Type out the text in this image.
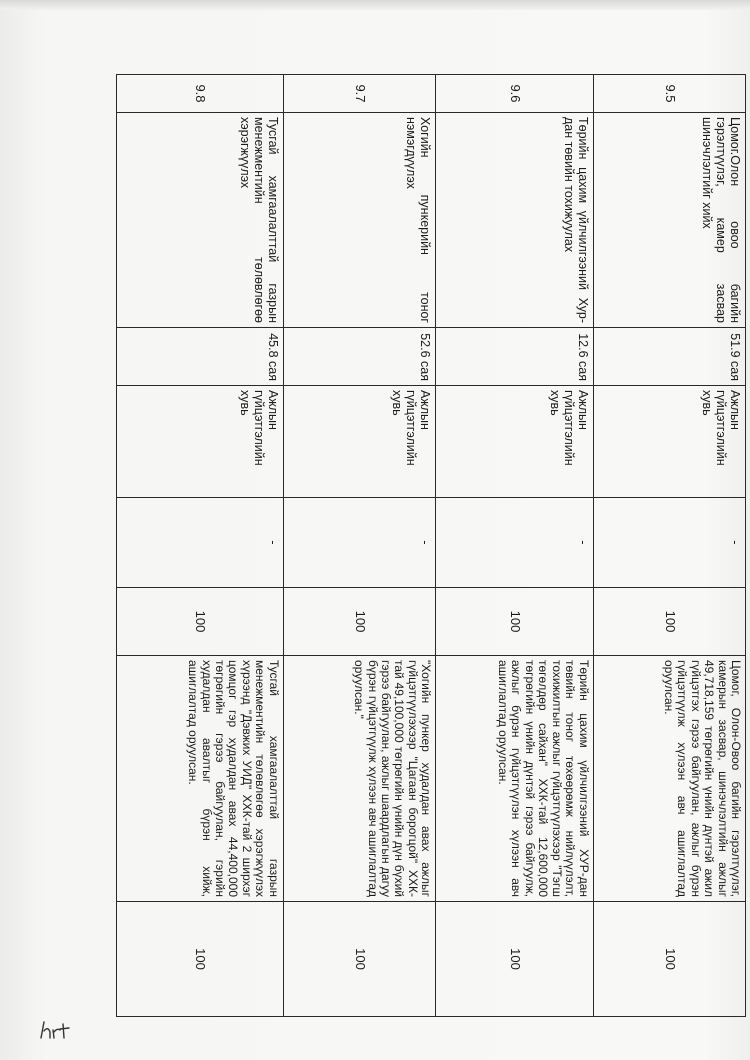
9.5	Цомог.Олон овоо багийн гэрэлтүүлэг, камер засвар шинэчлэлтийг хийх	51.9 сая	Ажлын гүйцэтгэлийн хувь	-	100	Цомог, Олон-Овоо багийн гэрэлтүүлэг, камерын засвар, шинэчлэлтийн ажлыг 49,718,159 төгрөгийн үнийн дүнтэй ажил гүйцэтгэх гэрээ байгуулан, ажлыг бүрэн гүйцэтгүүлж хүлээн авч ашиглалтад оруулсан.	100
9.6	Төрийн цахим үйлчилгээний Хур-дан төвийн тохижуулах	12.6 сая	Ажлын гүйцэтгэлийн хувь	-	100	Төрийн цахим үйлчилгээний ХУР-дан төвийн тоног төхөөрөмж нийлүүлэлт, тохижилтын ажлыг гүйцэтгүүлэхээр "Тэгш төгөлдөр сайхан" ХХК-тай 12,600,000 төгрөгийн үнийн дүнтэй гэрээ байгуулж, ажлыг бүрэн гүйцэтгүүлэн хүлээн авч ашиглалтад оруулсан.	100
9.7	Хогийн пункерийн тоног нэмэгдүүлэх	52.6 сая	Ажлын гүйцэтгэлийн хувь	-	100	"Хогийн пункер худалдан авах ажлыг гүйцэтгүүлэхээр "Цагаан борогцой" ХХК-тай 49,100,000 төгрөгийн үнийн дүн бүхий гэрээ байгуулан, ажлыг шаардлагын дагуу бүрэн гүйцэтгүүлж хүлээн авч ашиглалтад оруулсан."	100
9.8	Тусгай хамгаалалттай газрын менежментийн төлөвлөгөө хэрэгжүүлэх	45.8 сая	Ажлын гүйцэтгэлийн хувь	-	100	Тусгай хамгаалалттай газрын менежментийн төлөвлөгөө хэрэгжүүлэх хүрээнд "Дэвжих УИД" ХХК-тай 2 ширхэг цомцог гэр худалдан авах 44,400,000 төгрөгийн гэрээ байгуулан, гэрийн худалдан авалтыг бүрэн хийж, ашиглалтад оруулсан.	100
